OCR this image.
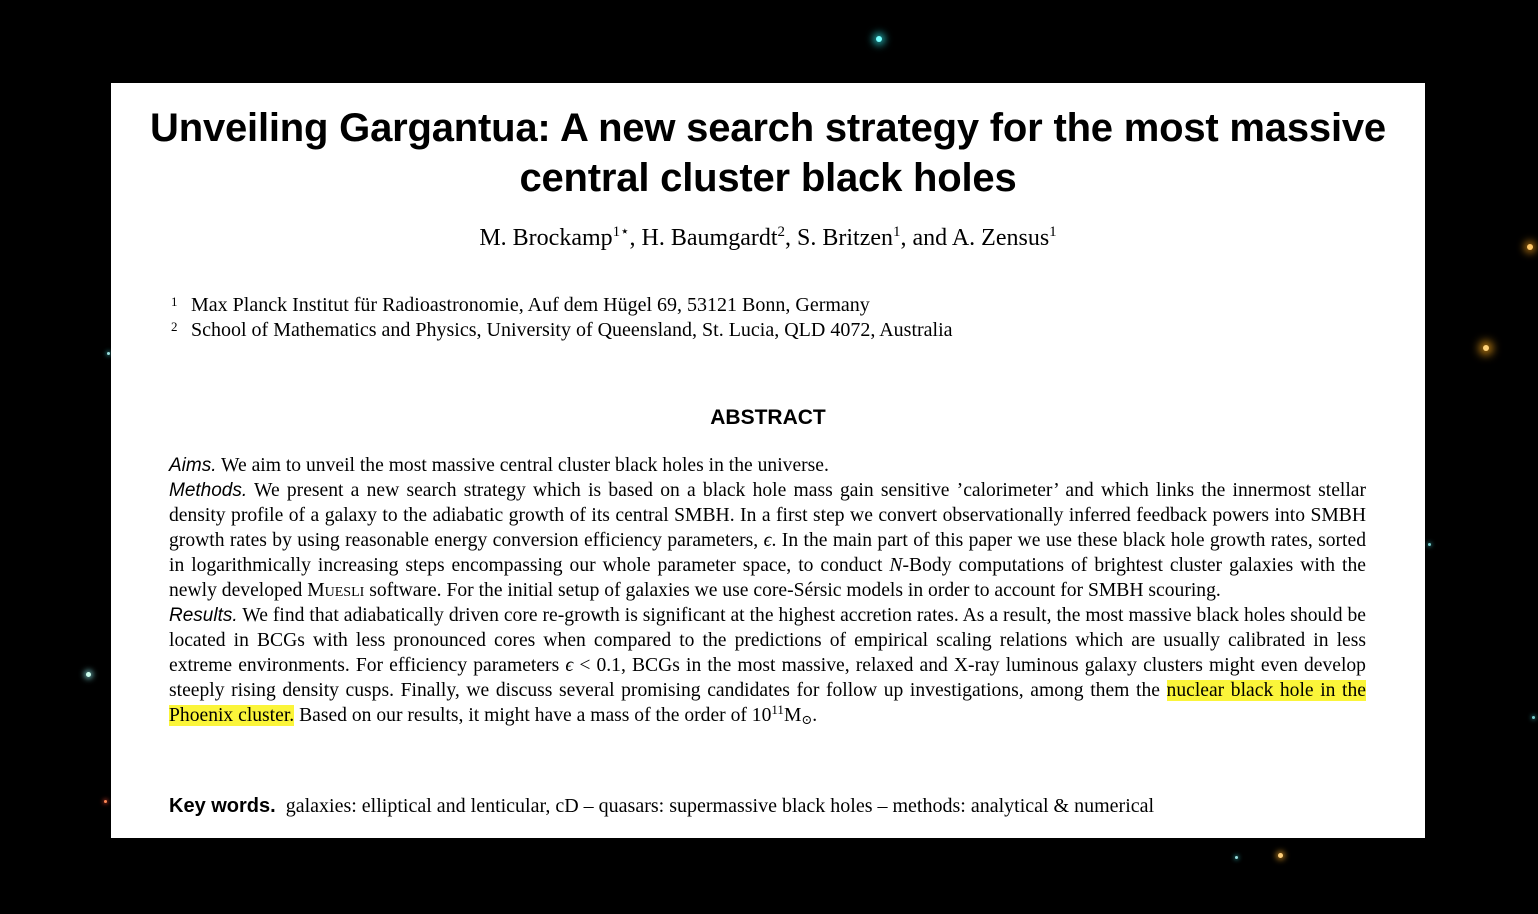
Unveiling Gargantua: A new search strategy for the most massive
central cluster black holes
M. Brockamp$^{1⋆}$, H. Baumgardt$^2$, S. Britzen$^1$, and A. Zensus$^1$
1 Max Planck Institut für Radioastronomie, Auf dem Hügel 69, 53121 Bonn, Germany
2 School of Mathematics and Physics, University of Queensland, St. Lucia, QLD 4072, Australia
ABSTRACT

Aims. We aim to unveil the most massive central cluster black holes in the universe.

Methods. We present a new search strategy which is based on a black hole mass gain sensitive ’calorimeter’ and which links the innermost stellar density profile of a galaxy to the adiabatic growth of its central SMBH. In a first step we convert observationally inferred feedback powers into SMBH growth rates by using reasonable energy conversion efficiency parameters, ϵ. In the main part of this paper we use these black hole growth rates, sorted in logarithmically increasing steps encompassing our whole parameter space, to conduct N-Body computations of brightest cluster galaxies with the newly developed Muesli software. For the initial setup of galaxies we use core-Sérsic models in order to account for SMBH scouring.

Results. We find that adiabatically driven core re-growth is significant at the highest accretion rates. As a result, the most massive black holes should be located in BCGs with less pronounced cores when compared to the predictions of empirical scaling relations which are usually calibrated in less extreme environments. For efficiency parameters ϵ < 0.1, BCGs in the most massive, relaxed and X-ray luminous galaxy clusters might even develop steeply rising density cusps. Finally, we discuss several promising candidates for follow up investigations, among them the nuclear black hole in the Phoenix cluster. Based on our results, it might have a mass of the order of $10^{11}M_⊙$.

Key words. galaxies: elliptical and lenticular, cD – quasars: supermassive black holes – methods: analytical & numerical
